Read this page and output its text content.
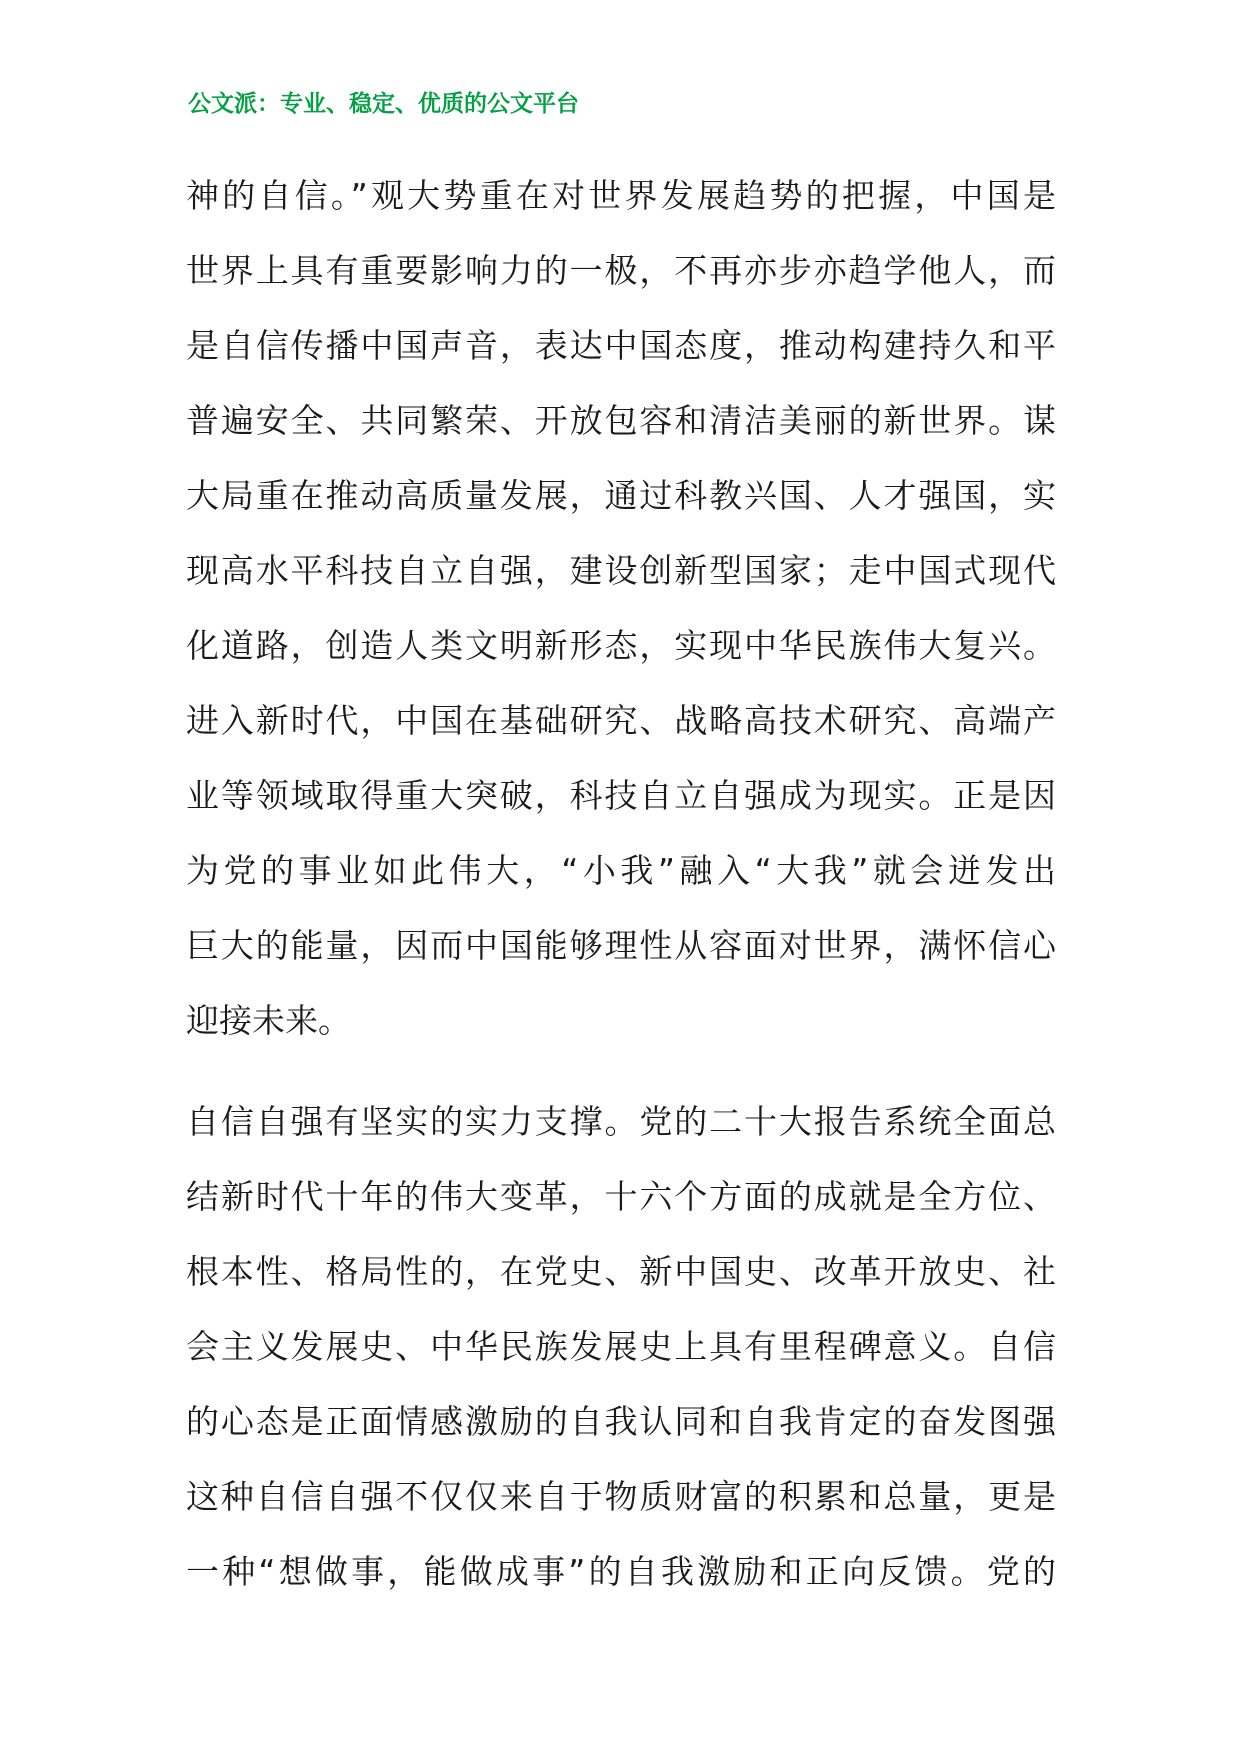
公文派：专业、稳定、优质的公文平台
神的自信。”观大势重在对世界发展趋势的把握，中国是
世界上具有重要影响力的一极，不再亦步亦趋学他人，而
是自信传播中国声音，表达中国态度，推动构建持久和平
普遍安全、共同繁荣、开放包容和清洁美丽的新世界。谋
大局重在推动高质量发展，通过科教兴国、人才强国，实
现高水平科技自立自强，建设创新型国家；走中国式现代
化道路，创造人类文明新形态，实现中华民族伟大复兴。
进入新时代，中国在基础研究、战略高技术研究、高端产
业等领域取得重大突破，科技自立自强成为现实。正是因
为党的事业如此伟大，“小我”融入“大我”就会迸发出
巨大的能量，因而中国能够理性从容面对世界，满怀信心
迎接未来。
自信自强有坚实的实力支撑。党的二十大报告系统全面总
结新时代十年的伟大变革，十六个方面的成就是全方位、
根本性、格局性的，在党史、新中国史、改革开放史、社
会主义发展史、中华民族发展史上具有里程碑意义。自信
的心态是正面情感激励的自我认同和自我肯定的奋发图强
这种自信自强不仅仅来自于物质财富的积累和总量，更是
一种“想做事，能做成事”的自我激励和正向反馈。党的
